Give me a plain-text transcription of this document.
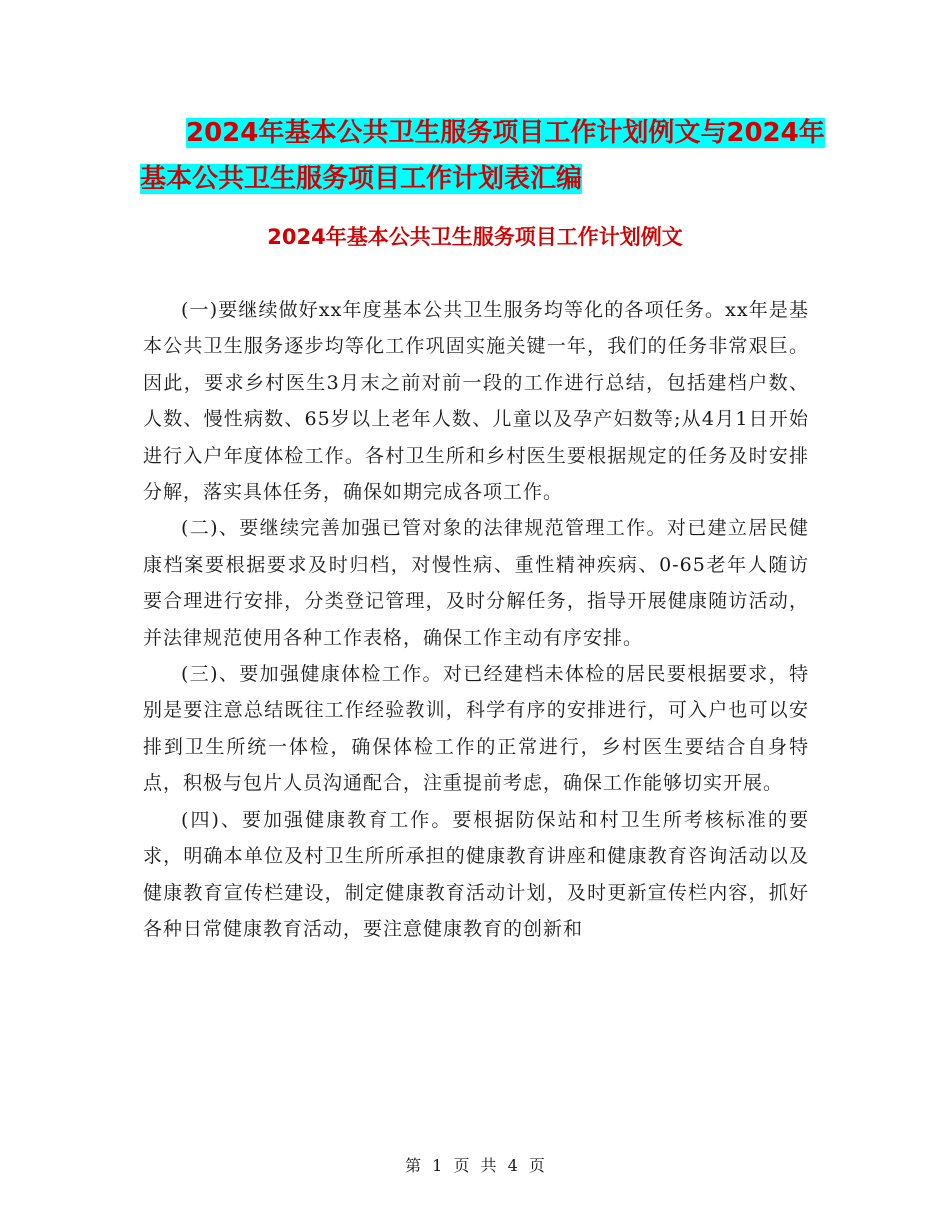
2024年基本公共卫生服务项目工作计划例文与2024年
基本公共卫生服务项目工作计划表汇编
2024年基本公共卫生服务项目工作计划例文

(一)要继续做好xx年度基本公共卫生服务均等化的各项任务。xx年是基本公共卫生服务逐步均等化工作巩固实施关键一年，我们的任务非常艰巨。因此，要求乡村医生3月末之前对前一段的工作进行总结，包括建档户数、人数、慢性病数、65岁以上老年人数、儿童以及孕产妇数等;从4月1日开始进行入户年度体检工作。各村卫生所和乡村医生要根据规定的任务及时安排分解，落实具体任务，确保如期完成各项工作。

(二)、要继续完善加强已管对象的法律规范管理工作。对已建立居民健康档案要根据要求及时归档，对慢性病、重性精神疾病、0-65老年人随访要合理进行安排，分类登记管理，及时分解任务，指导开展健康随访活动，并法律规范使用各种工作表格，确保工作主动有序安排。

(三)、要加强健康体检工作。对已经建档未体检的居民要根据要求，特别是要注意总结既往工作经验教训，科学有序的安排进行，可入户也可以安排到卫生所统一体检，确保体检工作的正常进行，乡村医生要结合自身特点，积极与包片人员沟通配合，注重提前考虑，确保工作能够切实开展。

(四)、要加强健康教育工作。要根据防保站和村卫生所考核标准的要求，明确本单位及村卫生所所承担的健康教育讲座和健康教育咨询活动以及健康教育宣传栏建设，制定健康教育活动计划，及时更新宣传栏内容，抓好各种日常健康教育活动，要注意健康教育的创新和

第 1 页 共 4 页
